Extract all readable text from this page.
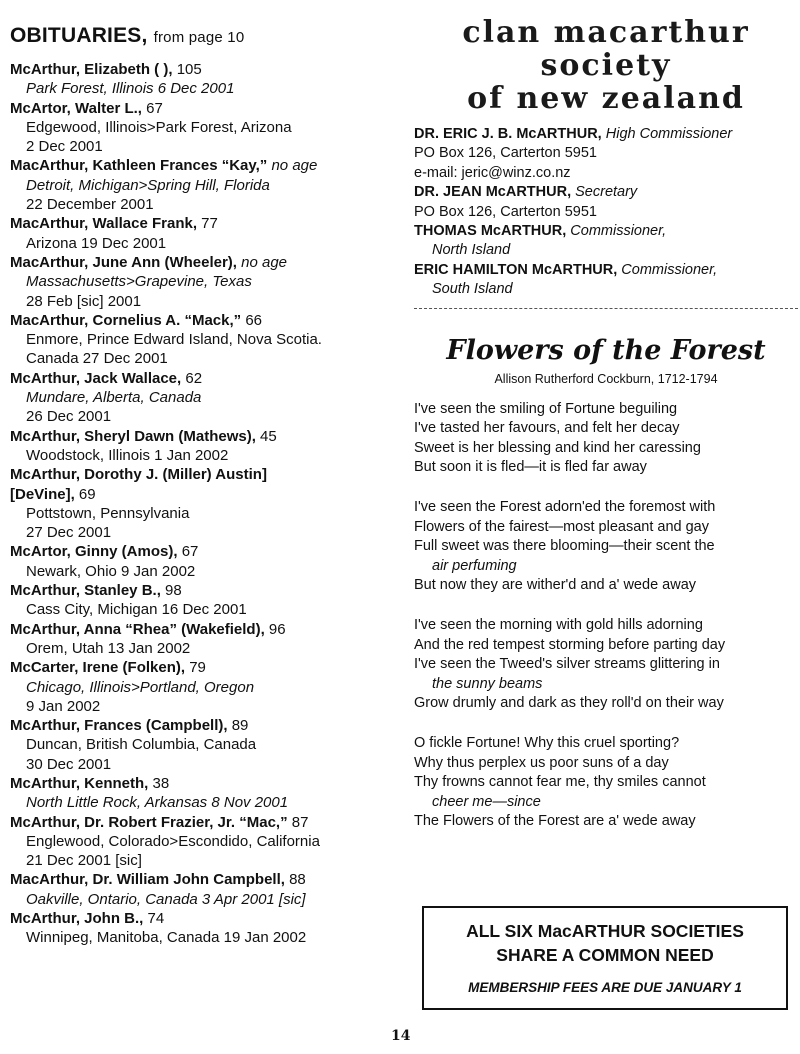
OBITUARIES, from page 10
McArthur, Elizabeth ( ), 105
Park Forest, Illinois 6 Dec 2001
McArtor, Walter L., 67
Edgewood, Illinois>Park Forest, Arizona
2 Dec 2001
MacArthur, Kathleen Frances “Kay,” no age
Detroit, Michigan>Spring Hill, Florida
22 December 2001
MacArthur, Wallace Frank, 77
Arizona 19 Dec 2001
MacArthur, June Ann (Wheeler), no age
Massachusetts>Grapevine, Texas
28 Feb [sic] 2001
MacArthur, Cornelius A. “Mack,” 66
Enmore, Prince Edward Island, Nova Scotia.
Canada 27 Dec 2001
McArthur, Jack Wallace, 62
Mundare, Alberta, Canada
26 Dec 2001
McArthur, Sheryl Dawn (Mathews), 45
Woodstock, Illinois 1 Jan 2002
McArthur, Dorothy J. (Miller) Austin]
[DeVine], 69
Pottstown, Pennsylvania
27 Dec 2001
McArtor, Ginny (Amos), 67
Newark, Ohio 9 Jan 2002
McArthur, Stanley B., 98
Cass City, Michigan 16 Dec 2001
McArthur, Anna “Rhea” (Wakefield), 96
Orem, Utah 13 Jan 2002
McCarter, Irene (Folken), 79
Chicago, Illinois>Portland, Oregon
9 Jan 2002
McArthur, Frances (Campbell), 89
Duncan, British Columbia, Canada
30 Dec 2001
McArthur, Kenneth, 38
North Little Rock, Arkansas 8 Nov 2001
McArthur, Dr. Robert Frazier, Jr. “Mac,” 87
Englewood, Colorado>Escondido, California
21 Dec 2001 [sic]
MacArthur, Dr. William John Campbell, 88
Oakville, Ontario, Canada 3 Apr 2001 [sic]
McArthur, John B., 74
Winnipeg, Manitoba, Canada 19 Jan 2002
clan macarthur
society
of new zealand
DR. ERIC J. B. McARTHUR, High Commissioner
PO Box 126, Carterton 5951
e-mail: jeric@winz.co.nz
DR. JEAN McARTHUR, Secretary
PO Box 126, Carterton 5951
THOMAS McARTHUR, Commissioner,
North Island
ERIC HAMILTON McARTHUR, Commissioner,
South Island
Flowers of the Forest
Allison Rutherford Cockburn, 1712-1794
I've seen the smiling of Fortune beguiling
I've tasted her favours, and felt her decay
Sweet is her blessing and kind her caressing
But soon it is fled—it is fled far away
I've seen the Forest adorn'ed the foremost with
Flowers of the fairest—most pleasant and gay
Full sweet was there blooming—their scent the
air perfuming
But now they are wither'd and a' wede away
I've seen the morning with gold hills adorning
And the red tempest storming before parting day
I've seen the Tweed's silver streams glittering in
the sunny beams
Grow drumly and dark as they roll'd on their way
O fickle Fortune! Why this cruel sporting?
Why thus perplex us poor suns of a day
Thy frowns cannot fear me, thy smiles cannot
cheer me—since
The Flowers of the Forest are a' wede away
ALL SIX MacARTHUR SOCIETIES
SHARE A COMMON NEED
MEMBERSHIP FEES ARE DUE JANUARY 1
14
